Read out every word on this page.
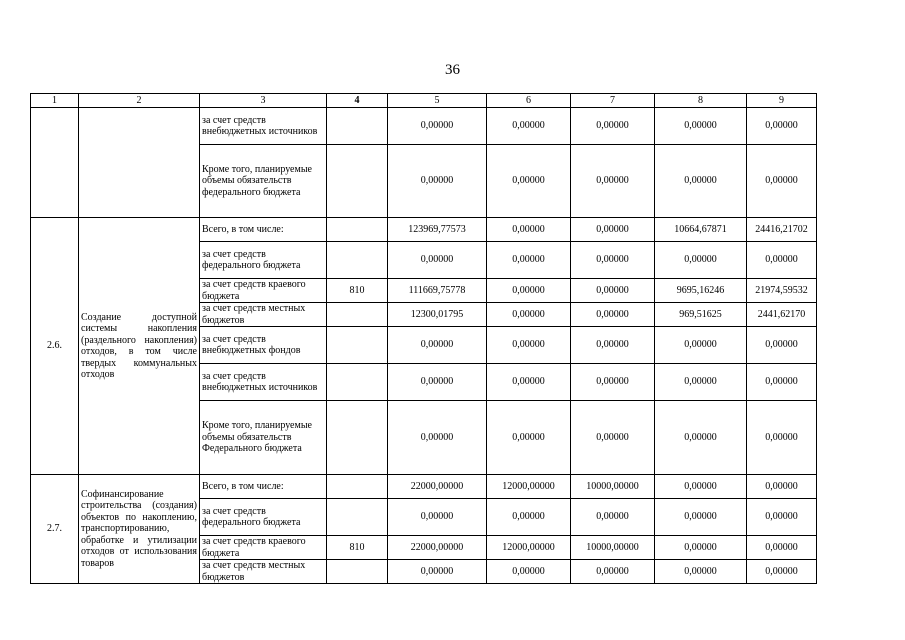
36
1	2	3	4	5	6	7	8	9
		за счет средств внебюджетных источников		0,00000	0,00000	0,00000	0,00000	0,00000
		Кроме того, планируемые объемы обязательств федерального бюджета		0,00000	0,00000	0,00000	0,00000	0,00000
2.6.	Создание доступной системы накопления (раздельного накопления) отходов, в том числе твердых коммунальных отходов	Всего, в том числе:		123969,77573	0,00000	0,00000	10664,67871	24416,21702
		за счет средств федерального бюджета		0,00000	0,00000	0,00000	0,00000	0,00000
		за счет средств краевого бюджета	810	111669,75778	0,00000	0,00000	9695,16246	21974,59532
		за счет средств местных бюджетов		12300,01795	0,00000	0,00000	969,51625	2441,62170
		за счет средств внебюджетных фондов		0,00000	0,00000	0,00000	0,00000	0,00000
		за счет средств внебюджетных источников		0,00000	0,00000	0,00000	0,00000	0,00000
		Кроме того, планируемые объемы обязательств Федерального бюджета		0,00000	0,00000	0,00000	0,00000	0,00000
2.7.	Софинансирование строительства (создания) объектов по накоплению, транспортированию, обработке и утилизации отходов от использования товаров	Всего, в том числе:		22000,00000	12000,00000	10000,00000	0,00000	0,00000
		за счет средств федерального бюджета		0,00000	0,00000	0,00000	0,00000	0,00000
		за счет средств краевого бюджета	810	22000,00000	12000,00000	10000,00000	0,00000	0,00000
		за счет средств местных бюджетов		0,00000	0,00000	0,00000	0,00000	0,00000
